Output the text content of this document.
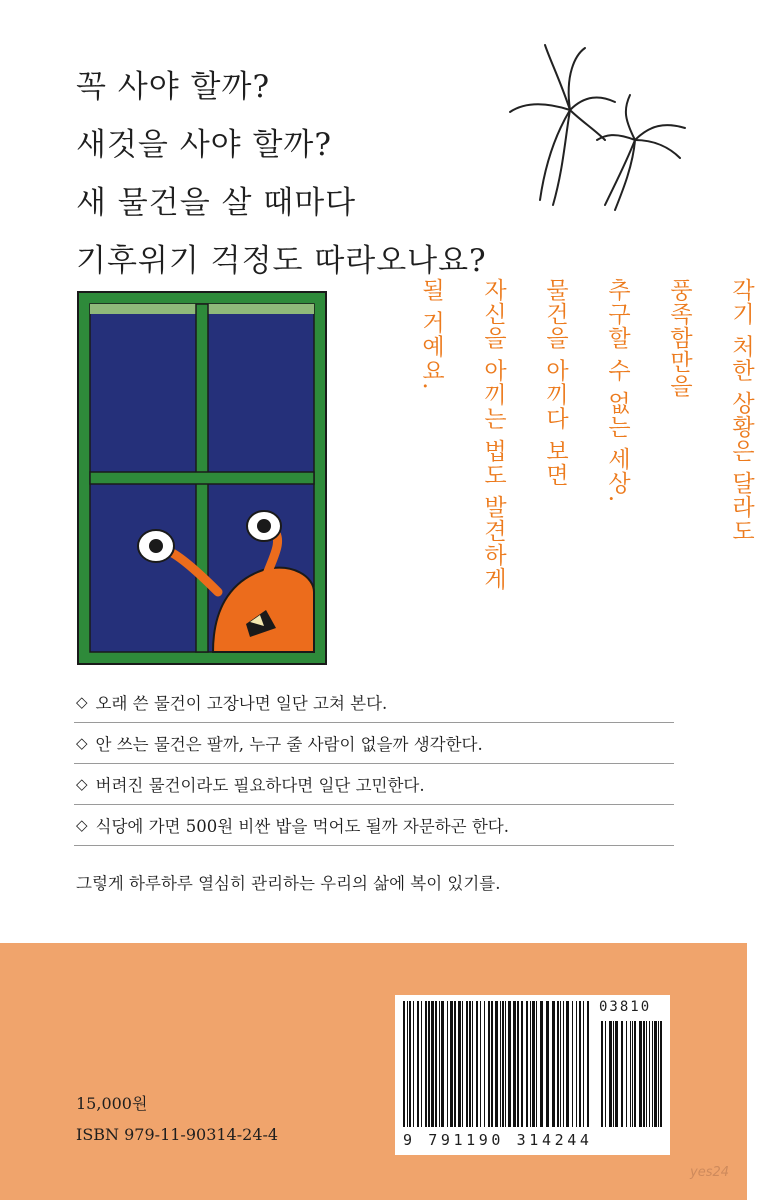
꼭 사야 할까?
새것을 사야 할까?
새 물건을 살 때마다
기후위기 걱정도 따라오나요?
각기 처한 상황은 달라도
풍족함만을
추구할 수 없는 세상.
물건을 아끼다 보면
자신을 아끼는 법도 발견하게
될 거예요.
◇ 오래 쓴 물건이 고장나면 일단 고쳐 본다.
◇ 안 쓰는 물건은 팔까, 누구 줄 사람이 없을까 생각한다.
◇ 버려진 물건이라도 필요하다면 일단 고민한다.
◇ 식당에 가면 500원 비싼 밥을 먹어도 될까 자문하곤 한다.
그렇게 하루하루 열심히 관리하는 우리의 삶에 복이 있기를.
15,000원
ISBN 979-11-90314-24-4	9 791190 314244
03810
yes24
